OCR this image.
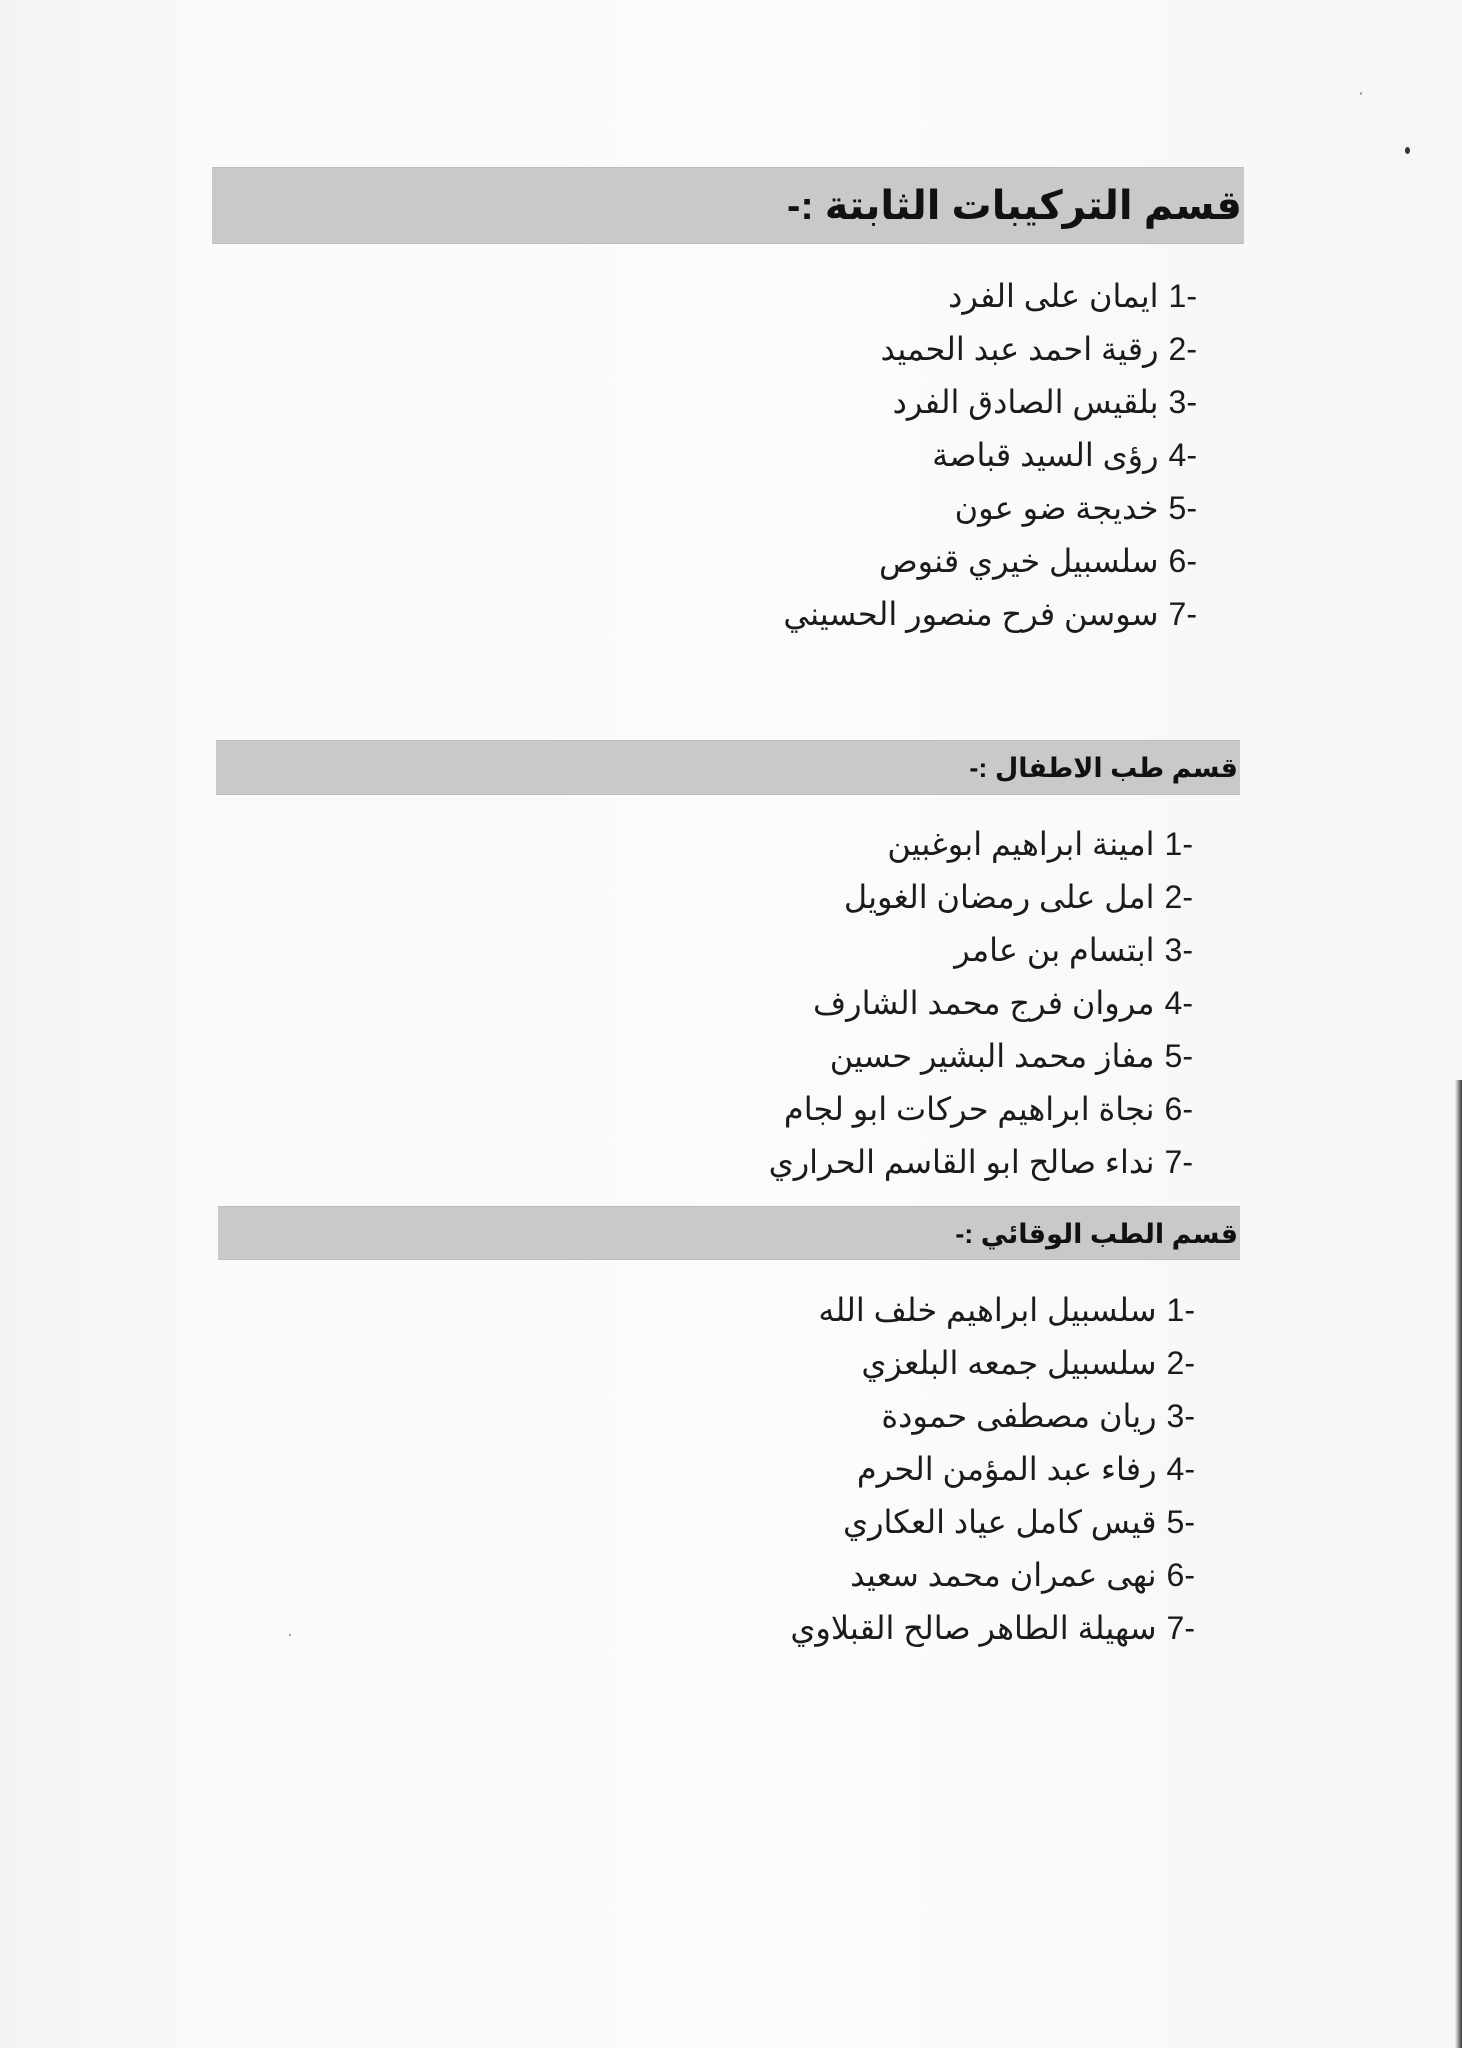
قسم التركيبات الثابتة :-
1-ايمان على الفرد
2-رقية احمد عبد الحميد
3-بلقيس الصادق الفرد
4-رؤى السيد قباصة
5-خديجة ضو عون
6-سلسبيل خيري قنوص
7-سوسن فرح منصور الحسيني
قسم طب الاطفال :-
1-امينة ابراهيم ابوغبين
2-امل على رمضان الغويل
3-ابتسام بن عامر
4-مروان فرج محمد الشارف
5-مفاز محمد البشير حسين
6-نجاة ابراهيم حركات ابو لجام
7-نداء صالح ابو القاسم الحراري
قسم الطب الوقائي :-
1-سلسبيل ابراهيم خلف الله
2-سلسبيل جمعه البلعزي
3-ريان مصطفى حمودة
4-رفاء عبد المؤمن الحرم
5-قيس كامل عياد العكاري
6-نهى عمران محمد سعيد
7-سهيلة الطاهر صالح القبلاوي
